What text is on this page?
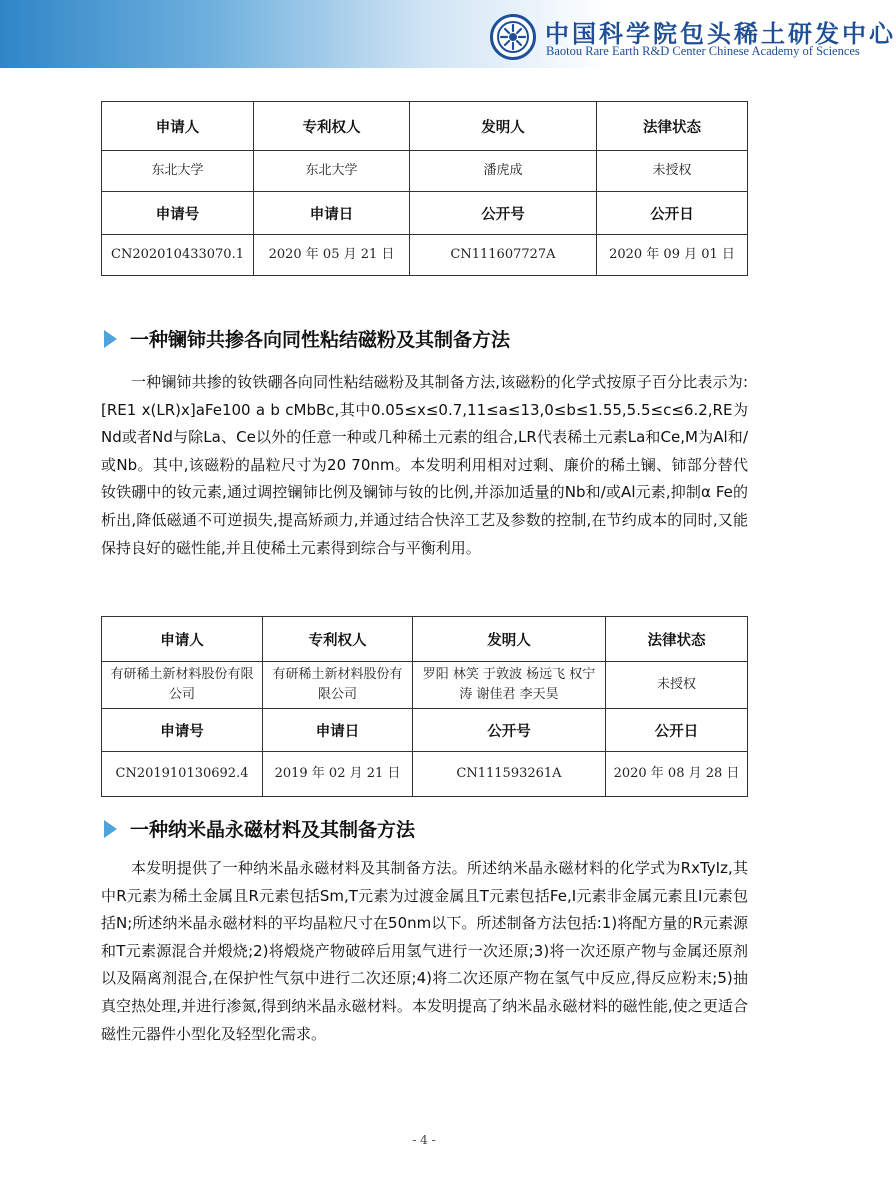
中国科学院包头稀土研发中心
Baotou Rare Earth R&D Center Chinese Academy of Sciences
申请人	专利权人	发明人	法律状态
东北大学	东北大学	潘虎成	未授权
申请号	申请日	公开号	公开日
CN202010433070.1	2020 年 05 月 21 日	CN111607727A	2020 年 09 月 01 日
一种镧铈共掺各向同性粘结磁粉及其制备方法
一种镧铈共掺的钕铁硼各向同性粘结磁粉及其制备方法,该磁粉的化学式按原子百分比表示为:[RE1 x(LR)x]aFe100 a b cMbBc,其中0.05≤x≤0.7,11≤a≤13,0≤b≤1.55,5.5≤c≤6.2,RE为Nd或者Nd与除La、Ce以外的任意一种或几种稀土元素的组合,LR代表稀土元素La和Ce,M为Al和/或Nb。其中,该磁粉的晶粒尺寸为20 70nm。本发明利用相对过剩、廉价的稀土镧、铈部分替代钕铁硼中的钕元素,通过调控镧铈比例及镧铈与钕的比例,并添加适量的Nb和/或Al元素,抑制α Fe的析出,降低磁通不可逆损失,提高矫顽力,并通过结合快淬工艺及参数的控制,在节约成本的同时,又能保持良好的磁性能,并且使稀土元素得到综合与平衡利用。
申请人	专利权人	发明人	法律状态
有研稀土新材料股份有限公司	有研稀土新材料股份有限公司	罗阳 林笑 于敦波 杨远飞 权宁涛 谢佳君 李天昊	未授权
申请号	申请日	公开号	公开日
CN201910130692.4	2019 年 02 月 21 日	CN111593261A	2020 年 08 月 28 日
一种纳米晶永磁材料及其制备方法
本发明提供了一种纳米晶永磁材料及其制备方法。所述纳米晶永磁材料的化学式为RxTyIz,其中R元素为稀土金属且R元素包括Sm,T元素为过渡金属且T元素包括Fe,I元素非金属元素且I元素包括N;所述纳米晶永磁材料的平均晶粒尺寸在50nm以下。所述制备方法包括:1)将配方量的R元素源和T元素源混合并煅烧;2)将煅烧产物破碎后用氢气进行一次还原;3)将一次还原产物与金属还原剂以及隔离剂混合,在保护性气氛中进行二次还原;4)将二次还原产物在氢气中反应,得反应粉末;5)抽真空热处理,并进行渗氮,得到纳米晶永磁材料。本发明提高了纳米晶永磁材料的磁性能,使之更适合磁性元器件小型化及轻型化需求。
- 4 -
